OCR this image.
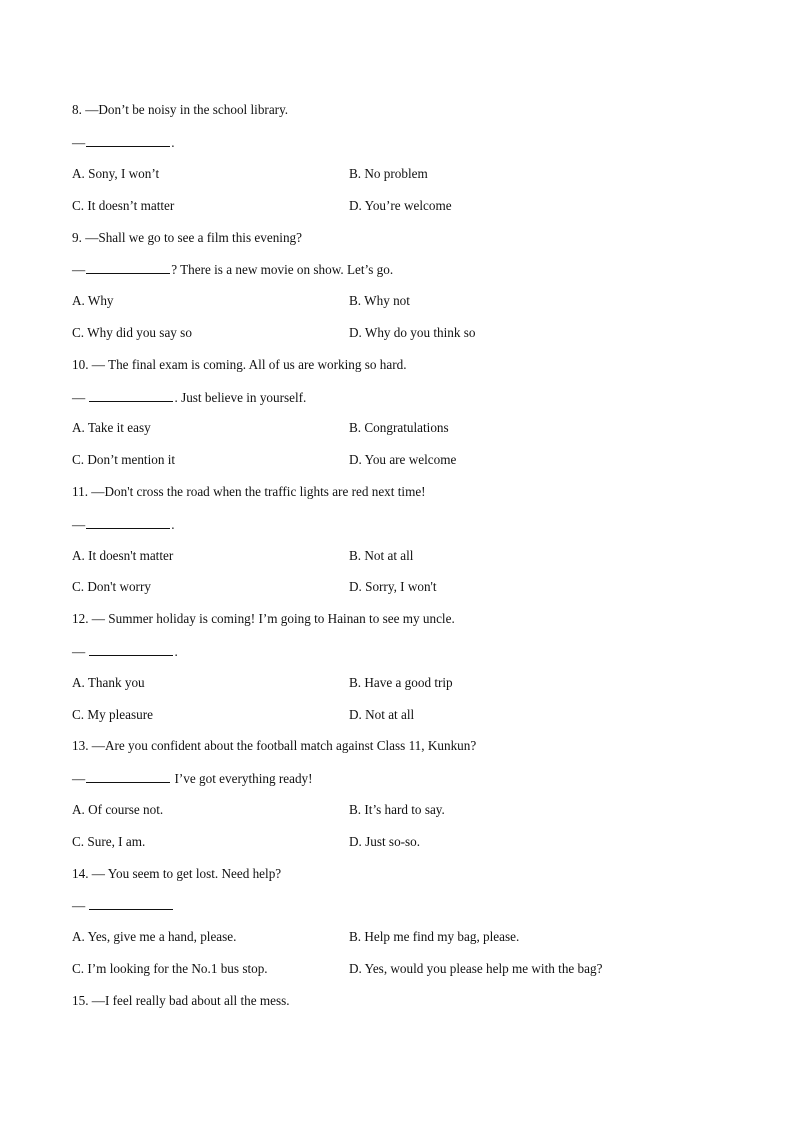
8. —Don’t be noisy in the school library.
—	.
A. Sony, I won’t	B. No problem
C. It doesn’t matter	D. You’re welcome
9. —Shall we go to see a film this evening?
—	? There is a new movie on show. Let’s go.
A. Why	B. Why not
C. Why did you say so	D. Why do you think so
10. — The final exam is coming. All of us are working so hard.
—	. Just believe in yourself.
A. Take it easy	B. Congratulations
C. Don’t mention it	D. You are welcome
11. —Don't cross the road when the traffic lights are red next time!
—	.
A. It doesn't matter	B. Not at all
C. Don't worry	D. Sorry, I won't
12. — Summer holiday is coming! I’m going to Hainan to see my uncle.
—	.
A. Thank you	B. Have a good trip
C. My pleasure	D. Not at all
13. —Are you confident about the football match against Class 11, Kunkun?
—	I’ve got everything ready!
A. Of course not.	B. It’s hard to say.
C. Sure, I am.	D. Just so-so.
14. — You seem to get lost. Need help?
—
A. Yes, give me a hand, please.	B. Help me find my bag, please.
C. I’m looking for the No.1 bus stop.	D. Yes, would you please help me with the bag?
15. —I feel really bad about all the mess.
